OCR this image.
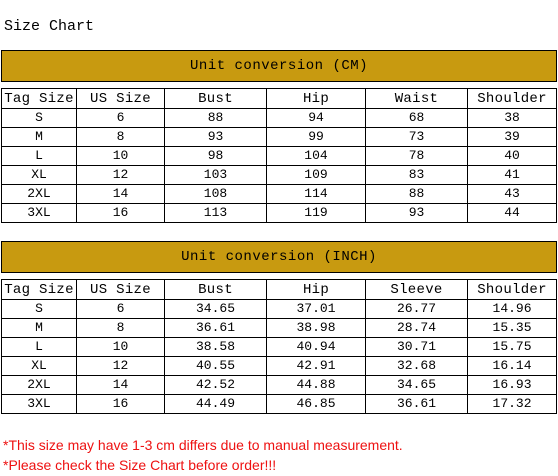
Size Chart
Unit conversion (CM)					

Tag Size	US Size	Bust	Hip	Waist	Shoulder
S	6	88	94	68	38
M	8	93	99	73	39
L	10	98	104	78	40
XL	12	103	109	83	41
2XL	14	108	114	88	43
3XL	16	113	119	93	44
Unit conversion (INCH)					

Tag Size	US Size	Bust	Hip	Sleeve	Shoulder
S	6	34.65	37.01	26.77	14.96
M	8	36.61	38.98	28.74	15.35
L	10	38.58	40.94	30.71	15.75
XL	12	40.55	42.91	32.68	16.14
2XL	14	42.52	44.88	34.65	16.93
3XL	16	44.49	46.85	36.61	17.32
*This size may have 1-3 cm differs due to manual measurement.
*Please check the Size Chart before order!!!
